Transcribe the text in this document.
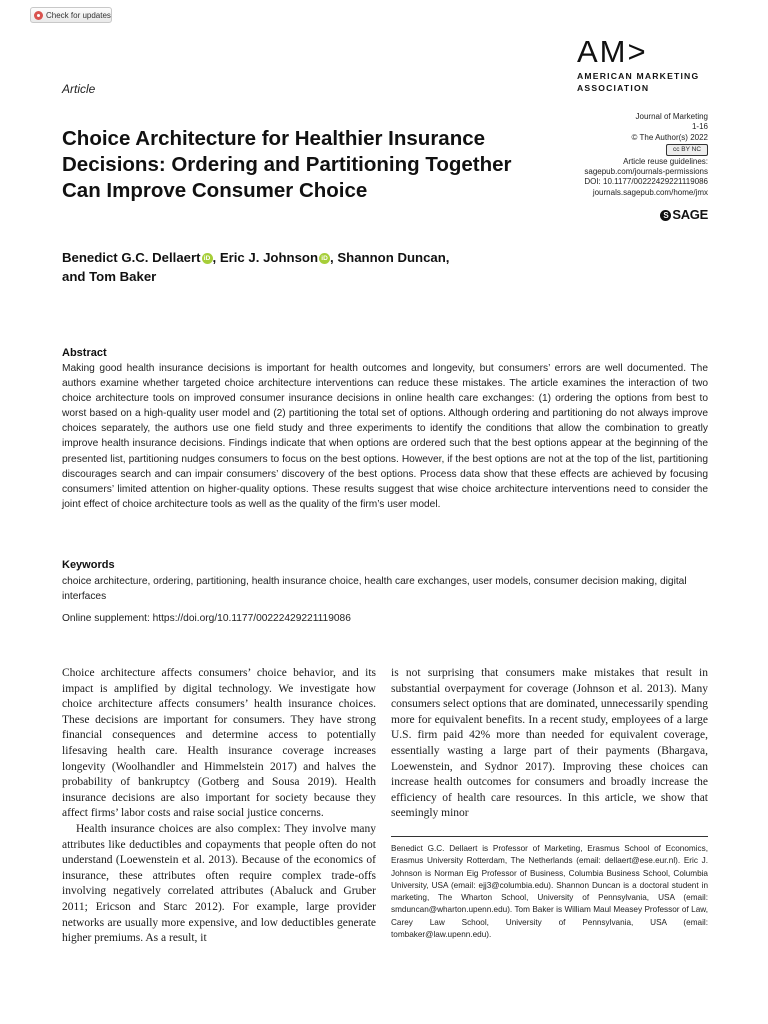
Check for updates
AM>
AMERICAN MARKETING
ASSOCIATION
Article
Choice Architecture for Healthier Insurance Decisions: Ordering and Partitioning Together Can Improve Consumer Choice
Journal of Marketing
1-16
© The Author(s) 2022
cc BY NC
Article reuse guidelines:
sagepub.com/journals-permissions
DOI: 10.1177/00222429221119086
journals.sagepub.com/home/jmx
S SAGE
Benedict G.C. Dellaert iD , Eric J. Johnson iD , Shannon Duncan,
and Tom Baker
Abstract
Making good health insurance decisions is important for health outcomes and longevity, but consumers’ errors are well documented. The authors examine whether targeted choice architecture interventions can reduce these mistakes. The article examines the interaction of two choice architecture tools on improved consumer insurance decisions in online health care exchanges: (1) ordering the options from best to worst based on a high-quality user model and (2) partitioning the total set of options. Although ordering and partitioning do not always improve choices separately, the authors use one field study and three experiments to identify the conditions that allow the combination to greatly improve health insurance decisions. Findings indicate that when options are ordered such that the best options appear at the beginning of the presented list, partitioning nudges consumers to focus on the best options. However, if the best options are not at the top of the list, partitioning discourages search and can impair consumers’ discovery of the best options. Process data show that these effects are achieved by focusing consumers’ limited attention on higher-quality options. These results suggest that wise choice architecture interventions need to consider the joint effect of choice architecture tools as well as the quality of the firm’s user model.
Keywords
choice architecture, ordering, partitioning, health insurance choice, health care exchanges, user models, consumer decision making, digital interfaces
Online supplement: https://doi.org/10.1177/00222429221119086

Choice architecture affects consumers’ choice behavior, and its impact is amplified by digital technology. We investigate how choice architecture affects consumers’ health insurance choices. These decisions are important for consumers. They have strong financial consequences and determine access to potentially lifesaving health care. Health insurance coverage increases longevity (Woolhandler and Himmelstein 2017) and halves the probability of bankruptcy (Gotberg and Sousa 2019). Health insurance decisions are also important for society because they affect firms’ labor costs and raise social justice concerns.

Health insurance choices are also complex: They involve many attributes like deductibles and copayments that people often do not understand (Loewenstein et al. 2013). Because of the economics of insurance, these attributes often require complex trade-offs involving negatively correlated attributes (Abaluck and Gruber 2011; Ericson and Starc 2012). For example, large provider networks are usually more expensive, and low deductibles generate higher premiums. As a result, it

is not surprising that consumers make mistakes that result in substantial overpayment for coverage (Johnson et al. 2013). Many consumers select options that are dominated, unnecessarily spending more for equivalent benefits. In a recent study, employees of a large U.S. firm paid 42% more than needed for equivalent coverage, essentially wasting a large part of their payments (Bhargava, Loewenstein, and Sydnor 2017). Improving these choices can increase health outcomes for consumers and broadly increase the efficiency of health care resources. In this article, we show that seemingly minor

Benedict G.C. Dellaert is Professor of Marketing, Erasmus School of Economics, Erasmus University Rotterdam, The Netherlands (email: dellaert@ese.eur.nl). Eric J. Johnson is Norman Eig Professor of Business, Columbia Business School, Columbia University, USA (email: ejj3@columbia.edu). Shannon Duncan is a doctoral student in marketing, The Wharton School, University of Pennsylvania, USA (email: smduncan@wharton.upenn.edu). Tom Baker is William Maul Measey Professor of Law, Carey Law School, University of Pennsylvania, USA (email: tombaker@law.upenn.edu).
